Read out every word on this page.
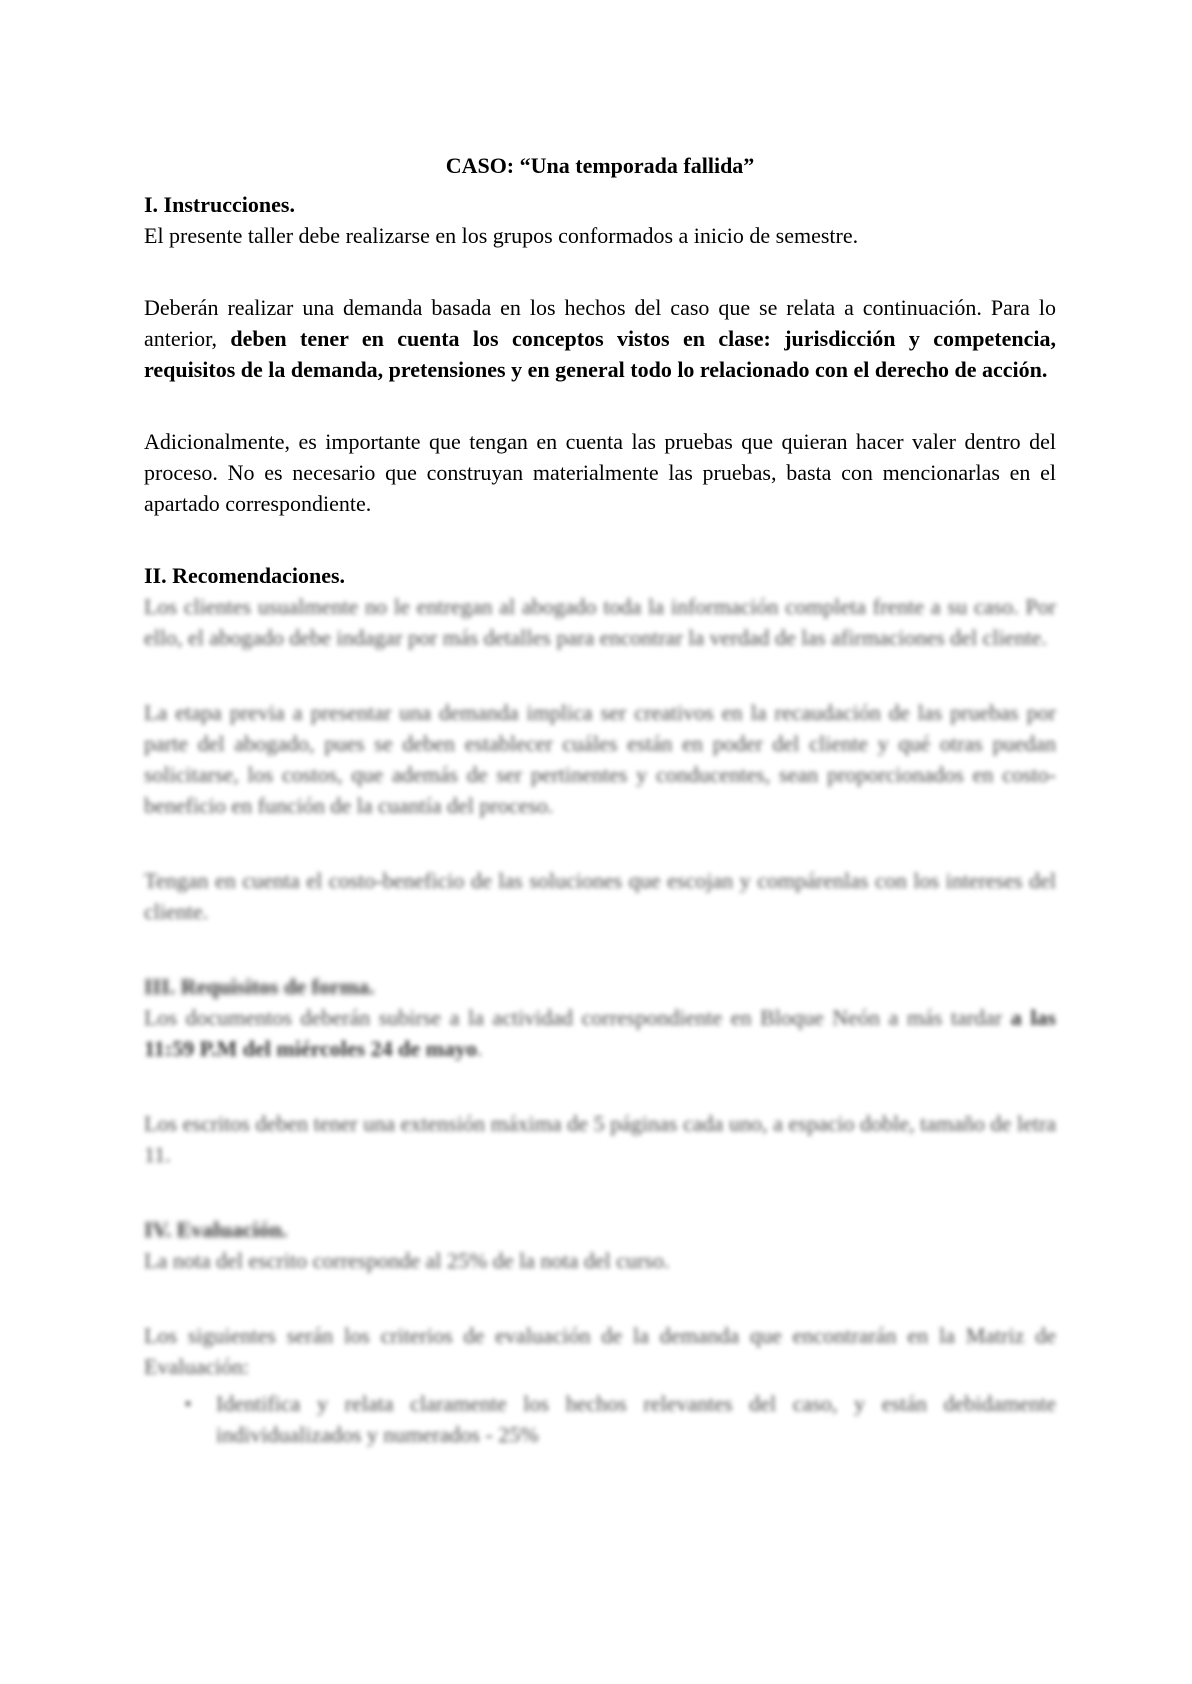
CASO: “Una temporada fallida”
I. Instrucciones.

El presente taller debe realizarse en los grupos conformados a inicio de semestre.

Deberán realizar una demanda basada en los hechos del caso que se relata a continuación. Para lo anterior, deben tener en cuenta los conceptos vistos en clase: jurisdicción y competencia, requisitos de la demanda, pretensiones y en general todo lo relacionado con el derecho de acción.

Adicionalmente, es importante que tengan en cuenta las pruebas que quieran hacer valer dentro del proceso. No es necesario que construyan materialmente las pruebas, basta con mencionarlas en el apartado correspondiente.

II. Recomendaciones.

Los clientes usualmente no le entregan al abogado toda la información completa frente a su caso. Por ello, el abogado debe indagar por más detalles para encontrar la verdad de las afirmaciones del cliente.

La etapa previa a presentar una demanda implica ser creativos en la recaudación de las pruebas por parte del abogado, pues se deben establecer cuáles están en poder del cliente y qué otras puedan solicitarse, los costos, que además de ser pertinentes y conducentes, sean proporcionados en costo-beneficio en función de la cuantía del proceso.

Tengan en cuenta el costo-beneficio de las soluciones que escojan y compárenlas con los intereses del cliente.

III. Requisitos de forma.

Los documentos deberán subirse a la actividad correspondiente en Bloque Neón a más tardar a las 11:59 P.M del miércoles 24 de mayo.

Los escritos deben tener una extensión máxima de 5 páginas cada uno, a espacio doble, tamaño de letra 11.

IV. Evaluación.

La nota del escrito corresponde al 25% de la nota del curso.

Los siguientes serán los criterios de evaluación de la demanda que encontrarán en la Matriz de Evaluación:

▪ Identifica y relata claramente los hechos relevantes del caso, y están debidamente individualizados y numerados - 25%
